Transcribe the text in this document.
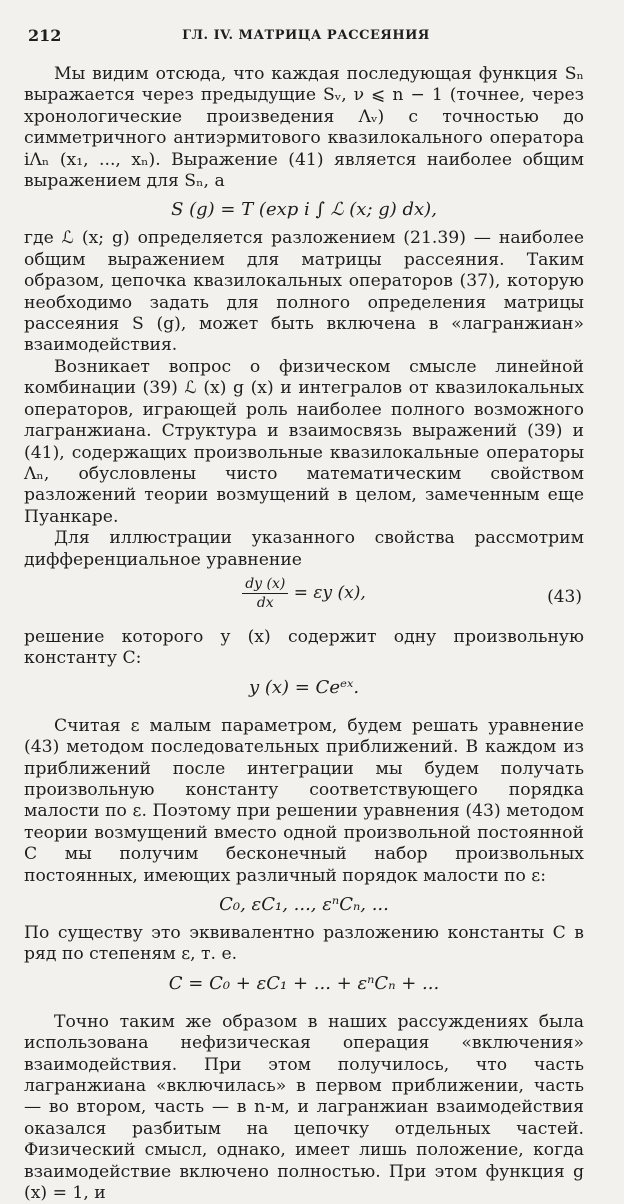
212	ГЛ. IV. МАТРИЦА РАССЕЯНИЯ

Мы видим отсюда, что каждая последующая функция Sₙ выражается через предыдущие Sᵥ, ν ⩽ n − 1 (точнее, через хронологические произведения Λᵥ) с точностью до симметричного антиэрмитового квазилокального оператора iΛₙ (x₁, ..., xₙ). Выражение (41) является наиболее общим выражением для Sₙ, а

S (g) = T (exp i ∫ ℒ (x; g) dx),

где ℒ (x; g) определяется разложением (21.39) — наиболее общим выражением для матрицы рассеяния. Таким образом, цепочка квазилокальных операторов (37), которую необходимо задать для полного определения матрицы рассеяния S (g), может быть включена в «лагранжиан» взаимодействия.

Возникает вопрос о физическом смысле линейной комбинации (39) ℒ (x) g (x) и интегралов от квазилокальных операторов, играющей роль наиболее полного возможного лагранжиана. Структура и взаимосвязь выражений (39) и (41), содержащих произвольные квазилокальные операторы Λₙ, обусловлены чисто математическим свойством разложений теории возмущений в целом, замеченным еще Пуанкаре.

Для иллюстрации указанного свойства рассмотрим дифференциальное уравнение

$\frac{dy (x)}{dx} = \varepsilon y$ (x),	(43)

решение которого y (x) содержит одну произвольную константу C:

y (x) = Ceᵉˣ.

Считая ε малым параметром, будем решать уравнение (43) методом последовательных приближений. В каждом из приближений после интеграции мы будем получать произвольную константу соответствующего порядка малости по ε. Поэтому при решении уравнения (43) методом теории возмущений вместо одной произвольной постоянной C мы получим бесконечный набор произвольных постоянных, имеющих различный порядок малости по ε:

C₀, εC₁, ..., εⁿCₙ, ...

По существу это эквивалентно разложению константы C в ряд по степеням ε, т. е.

C = C₀ + εC₁ + ... + εⁿCₙ + ...

Точно таким же образом в наших рассуждениях была использована нефизическая операция «включения» взаимодействия. При этом получилось, что часть лагранжиана «включилась» в первом приближении, часть — во втором, часть — в n-м, и лагранжиан взаимодействия оказался разбитым на цепочку отдельных частей. Физический смысл, однако, имеет лишь положение, когда взаимодействие включено полностью. При этом функция g (x) = 1, и
